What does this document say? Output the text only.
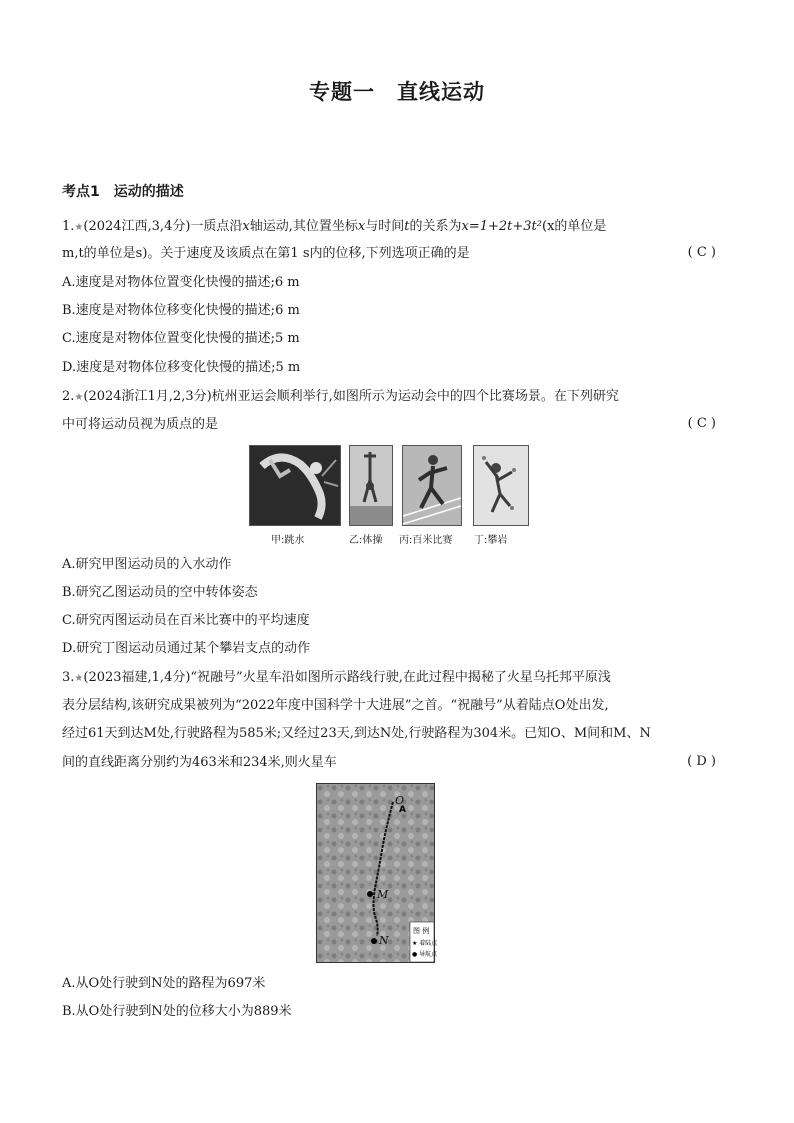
专题一　直线运动
考点1　运动的描述
1.★(2024江西,3,4分)一质点沿x轴运动,其位置坐标x与时间t的关系为x=1+2t+3t²(x的单位是
m,t的单位是s)。关于速度及该质点在第1 s内的位移,下列选项正确的是	( C )
A.速度是对物体位置变化快慢的描述;6 m
B.速度是对物体位移变化快慢的描述;6 m
C.速度是对物体位置变化快慢的描述;5 m
D.速度是对物体位移变化快慢的描述;5 m
2.★(2024浙江1月,2,3分)杭州亚运会顺利举行,如图所示为运动会中的四个比赛场景。在下列研究
中可将运动员视为质点的是	( C )
甲:跳水	乙:体操 丙:百米比赛 丁:攀岩
A.研究甲图运动员的入水动作
B.研究乙图运动员的空中转体姿态
C.研究丙图运动员在百米比赛中的平均速度
D.研究丁图运动员通过某个攀岩支点的动作
3.★(2023福建,1,4分)“祝融号”火星车沿如图所示路线行驶,在此过程中揭秘了火星乌托邦平原浅
表分层结构,该研究成果被列为“2022年度中国科学十大进展”之首。“祝融号”从着陆点O处出发,
经过61天到达M处,行驶路程为585米;又经过23天,到达N处,行驶路程为304米。已知O、M间和M、N
间的直线距离分别约为463米和234米,则火星车	( D )
A
O
M
N
图 例
★ 着陆点
● 导航点
A.从O处行驶到N处的路程为697米
B.从O处行驶到N处的位移大小为889米
